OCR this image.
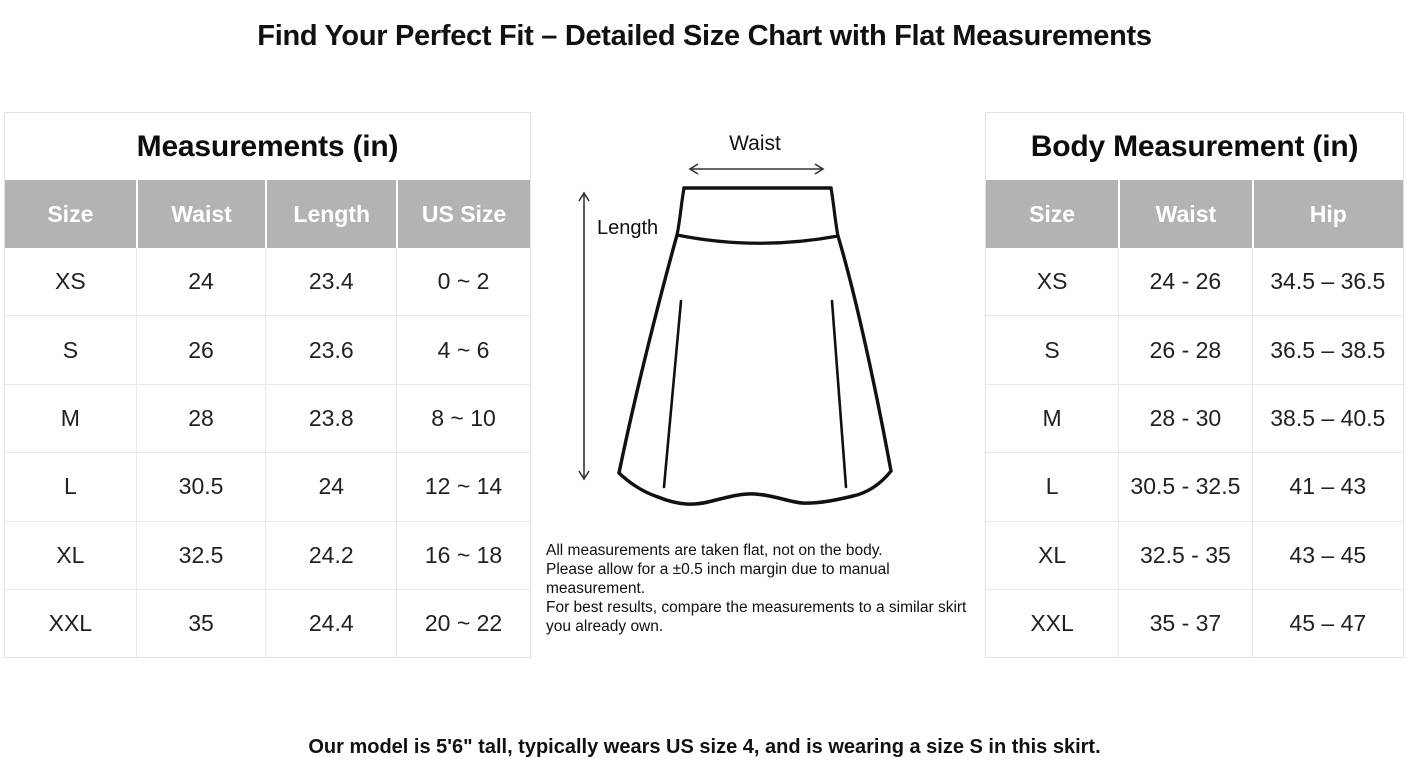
Find Your Perfect Fit – Detailed Size Chart with Flat Measurements
Measurements (in)
Size	Waist	Length	US Size
XS	24	23.4	0 ~ 2
S	26	23.6	4 ~ 6
M	28	23.8	8 ~ 10
L	30.5	24	12 ~ 14
XL	32.5	24.2	16 ~ 18
XXL	35	24.4	20 ~ 22
Waist
Length

All measurements are taken flat, not on the body.

Please allow for a ±0.5 inch margin due to manual measurement.

For best results, compare the measurements to a similar skirt you already own.

Body Measurement (in)
Size	Waist	Hip
XS	24 - 26	34.5 – 36.5
S	26 - 28	36.5 – 38.5
M	28 - 30	38.5 – 40.5
L	30.5 - 32.5	41 – 43
XL	32.5 - 35	43 – 45
XXL	35 - 37	45 – 47
Our model is 5'6" tall, typically wears US size 4, and is wearing a size S in this skirt.
